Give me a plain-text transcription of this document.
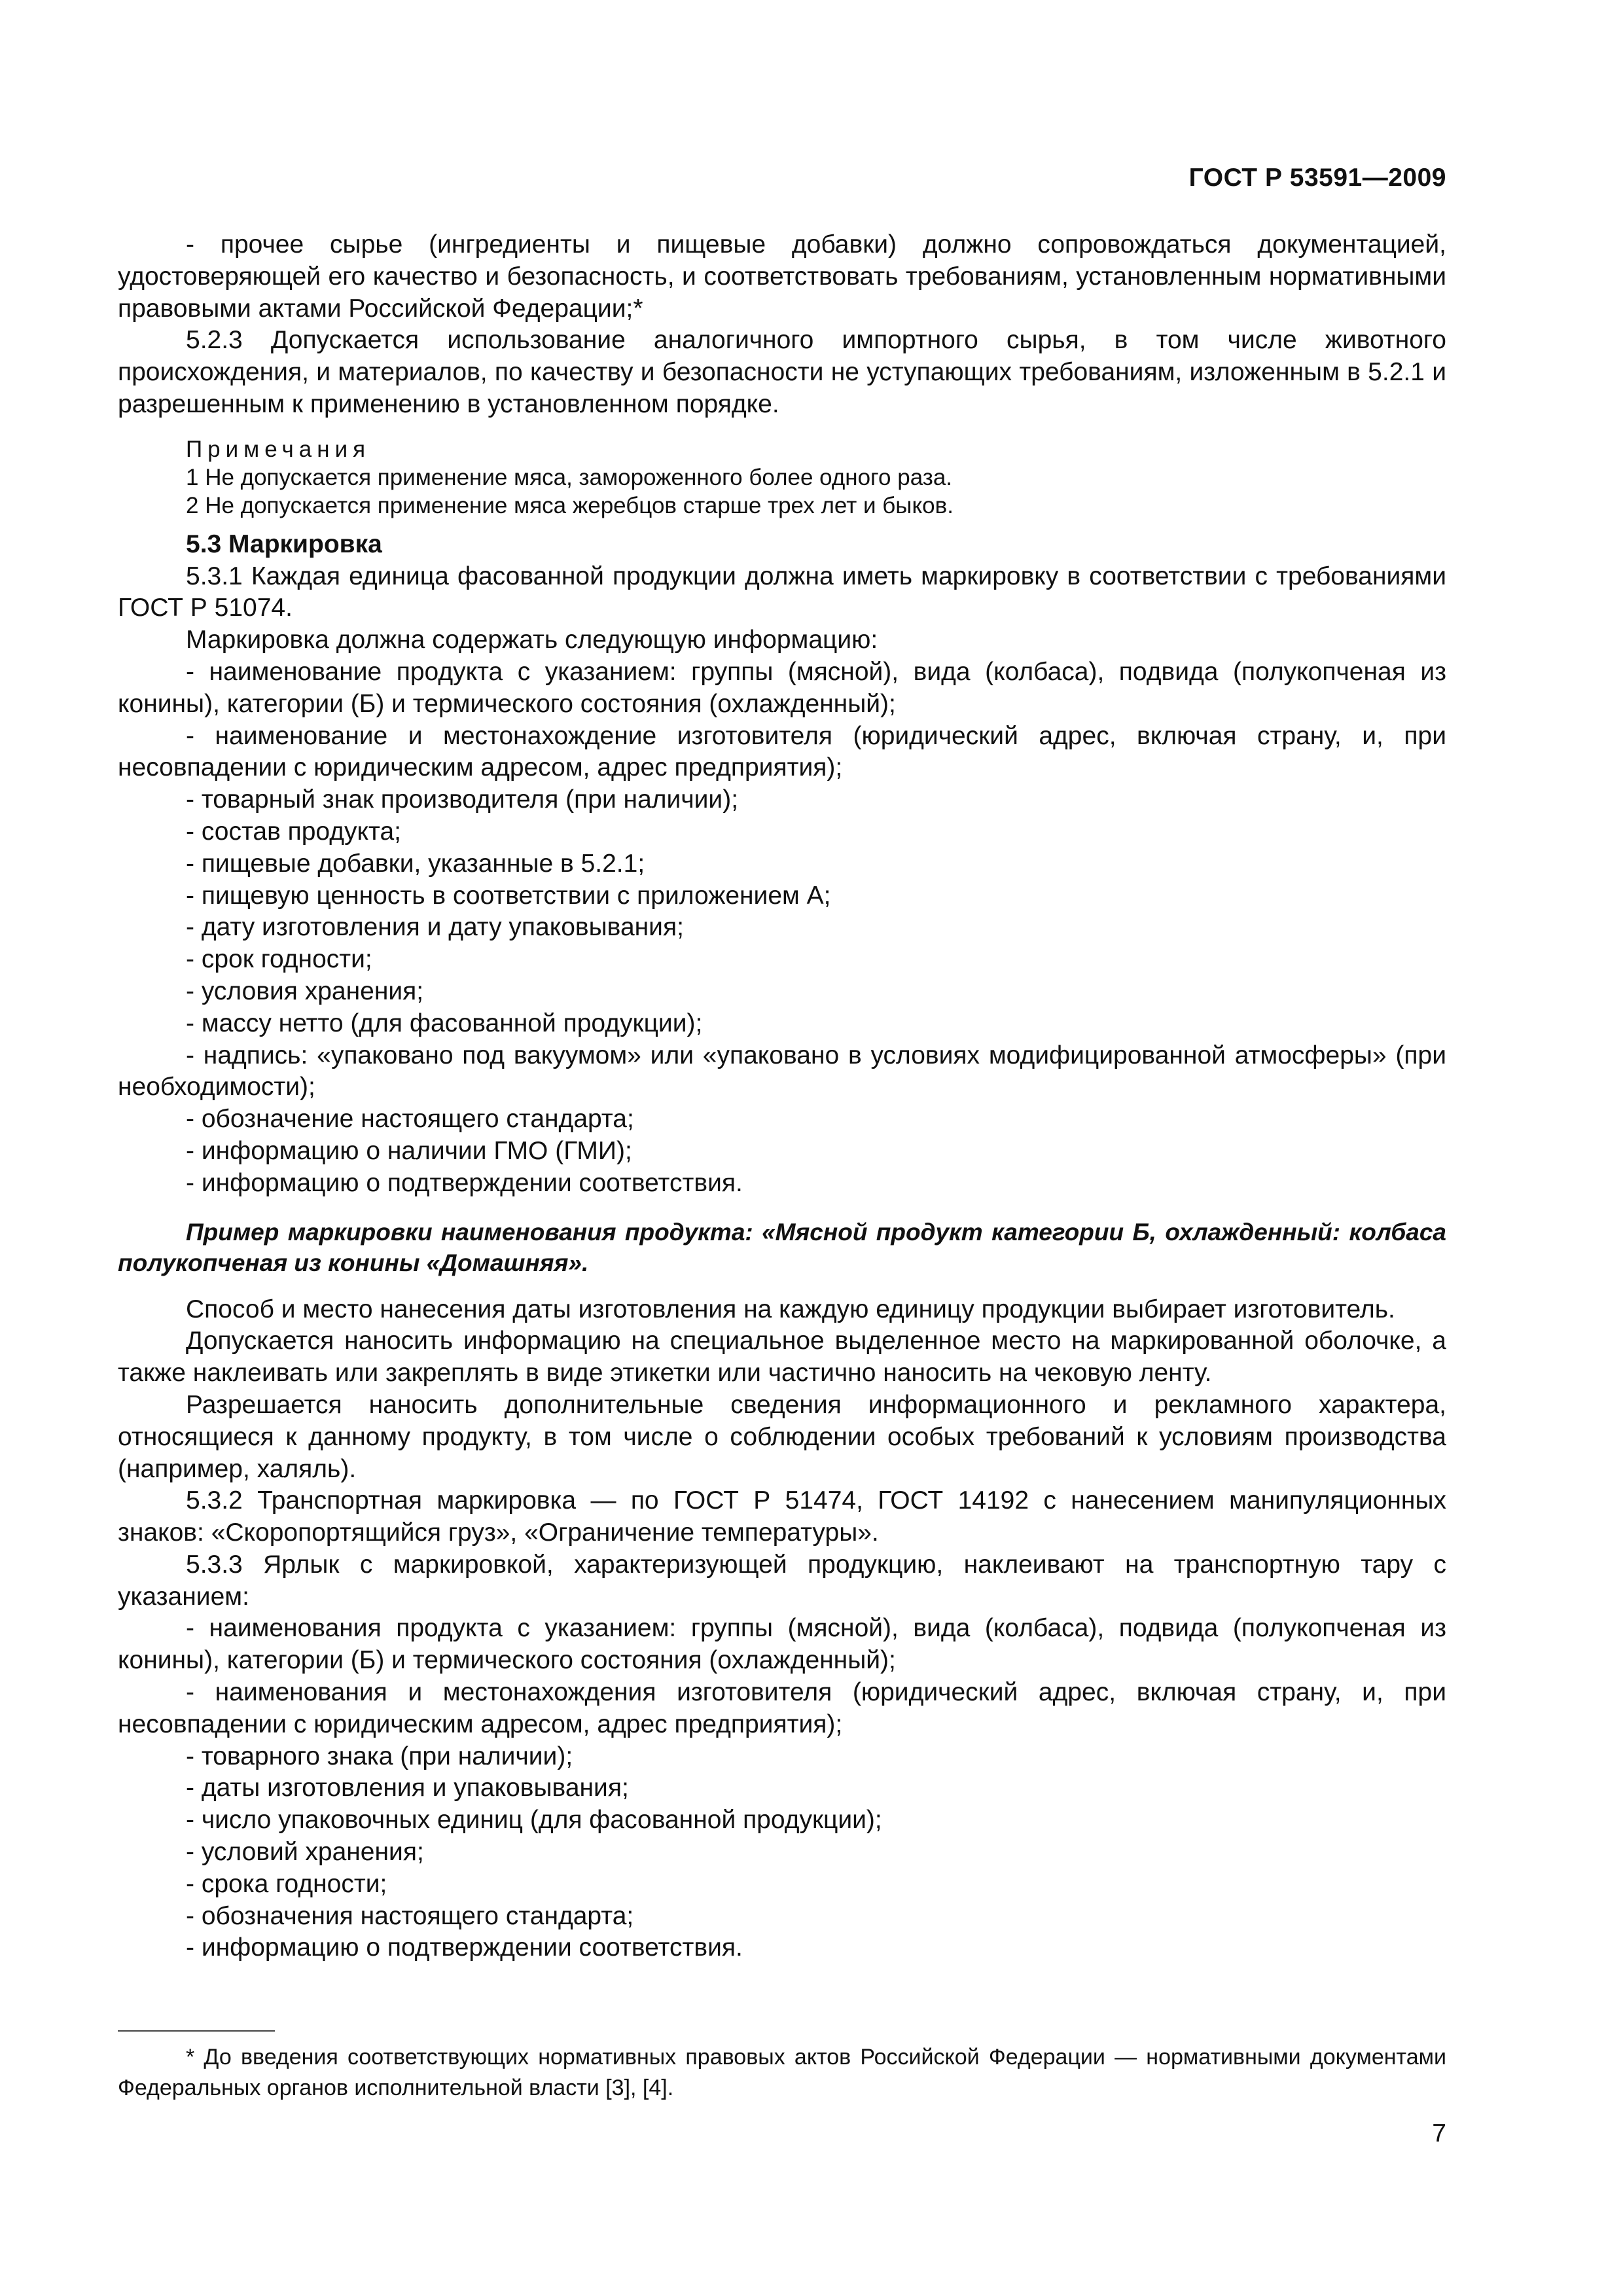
ГОСТ Р 53591—2009

- прочее сырье (ингредиенты и пищевые добавки) должно сопровождаться документацией, удостоверяющей его качество и безопасность, и соответствовать требованиям, установленным нормативными правовыми актами Российской Федерации;*

5.2.3 Допускается использование аналогичного импортного сырья, в том числе животного происхождения, и материалов, по качеству и безопасности не уступающих требованиям, изложенным в 5.2.1 и разрешенным к применению в установленном порядке.

Примечания
1 Не допускается применение мяса, замороженного более одного раза.
2 Не допускается применение мяса жеребцов старше трех лет и быков.

5.3 Маркировка

5.3.1 Каждая единица фасованной продукции должна иметь маркировку в соответствии с требованиями ГОСТ Р 51074.

Маркировка должна содержать следующую информацию:

- наименование продукта с указанием: группы (мясной), вида (колбаса), подвида (полукопченая из конины), категории (Б) и термического состояния (охлажденный);

- наименование и местонахождение изготовителя (юридический адрес, включая страну, и, при несовпадении с юридическим адресом, адрес предприятия);

- товарный знак производителя (при наличии);

- состав продукта;

- пищевые добавки, указанные в 5.2.1;

- пищевую ценность в соответствии с приложением А;

- дату изготовления и дату упаковывания;

- срок годности;

- условия хранения;

- массу нетто (для фасованной продукции);

- надпись: «упаковано под вакуумом» или «упаковано в условиях модифицированной атмосферы» (при необходимости);

- обозначение настоящего стандарта;

- информацию о наличии ГМО (ГМИ);

- информацию о подтверждении соответствия.

Пример маркировки наименования продукта: «Мясной продукт категории Б, охлажденный: колбаса полукопченая из конины «Домашняя».

Способ и место нанесения даты изготовления на каждую единицу продукции выбирает изготовитель.

Допускается наносить информацию на специальное выделенное место на маркированной оболочке, а также наклеивать или закреплять в виде этикетки или частично наносить на чековую ленту.

Разрешается наносить дополнительные сведения информационного и рекламного характера, относящиеся к данному продукту, в том числе о соблюдении особых требований к условиям производства (например, халяль).

5.3.2 Транспортная маркировка — по ГОСТ Р 51474, ГОСТ 14192 с нанесением манипуляционных знаков: «Скоропортящийся груз», «Ограничение температуры».

5.3.3 Ярлык с маркировкой, характеризующей продукцию, наклеивают на транспортную тару с указанием:

- наименования продукта с указанием: группы (мясной), вида (колбаса), подвида (полукопченая из конины), категории (Б) и термического состояния (охлажденный);

- наименования и местонахождения изготовителя (юридический адрес, включая страну, и, при несовпадении с юридическим адресом, адрес предприятия);

- товарного знака (при наличии);

- даты изготовления и упаковывания;

- число упаковочных единиц (для фасованной продукции);

- условий хранения;

- срока годности;

- обозначения настоящего стандарта;

- информацию о подтверждении соответствия.

* До введения соответствующих нормативных правовых актов Российской Федерации — нормативными документами Федеральных органов исполнительной власти [3], [4].
7
